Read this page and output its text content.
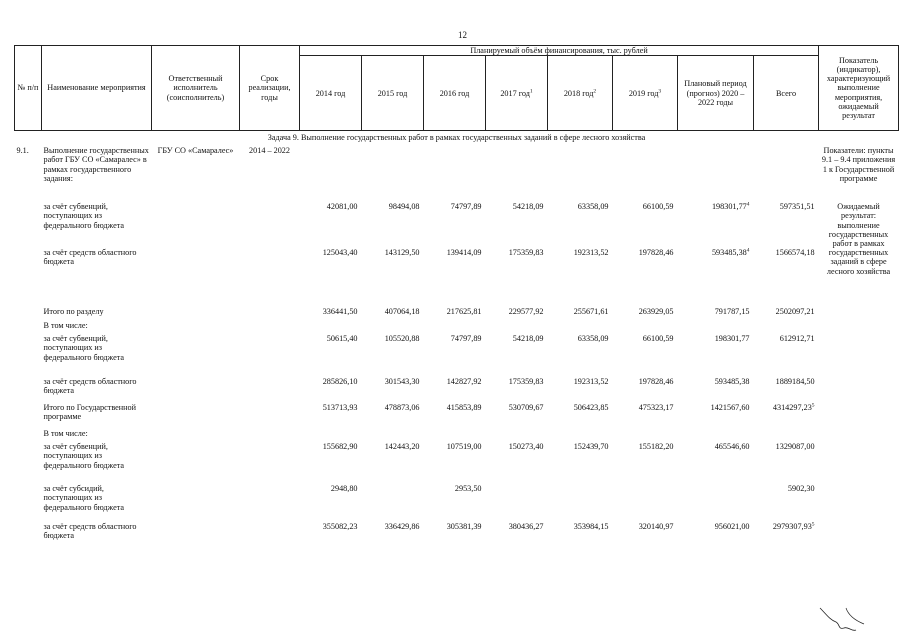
12
№ п/п	Наименование мероприятия	Ответственный исполнитель (соисполнитель)	Срок реализации, годы	Планируемый объём финансирования, тыс. рублей								Показатель (индикатор), характеризующий выполнение мероприятия, ожидаемый результат
				2014 год	2015 год	2016 год	2017 год$^1$	2018 год$^2$	2019 год$^3$	Плановый период (прогноз) 2020 – 2022 годы	Всего	
Задача 9. Выполнение государственных работ в рамках государственных заданий в сфере лесного хозяйства												
9.1.	Выполнение государственных работ ГБУ СО «Самаралес» в рамках государственного задания:	ГБУ СО «Самаралес»	2014 – 2022									Показатели: пункты 9.1 – 9.4 приложения 1 к Государственной программе
	за счёт субвенций, поступающих из федерального бюджета			42081,00	98494,08	74797,89	54218,09	63358,09	66100,59	198301,77$^4$	597351,51	Ожидаемый результат: выполнение государственных работ в рамках государственных заданий в сфере лесного хозяйства
	за счёт средств областного бюджета			125043,40	143129,50	139414,09	175359,83	192313,52	197828,46	593485,38$^4$	1566574,18	
	Итого по разделу			336441,50	407064,18	217625,81	229577,92	255671,61	263929,05	791787,15	2502097,21	
	В том числе:											
	за счёт субвенций, поступающих из федерального бюджета			50615,40	105520,88	74797,89	54218,09	63358,09	66100,59	198301,77	612912,71	
	за счёт средств областного бюджета			285826,10	301543,30	142827,92	175359,83	192313,52	197828,46	593485,38	1889184,50	
	Итого по Государственной программе			513713,93	478873,06	415853,89	530709,67	506423,85	475323,17	1421567,60	4314297,23$^5$	
	В том числе:											
	за счёт субвенций, поступающих из федерального бюджета			155682,90	142443,20	107519,00	150273,40	152439,70	155182,20	465546,60	1329087,00	
	за счёт субсидий, поступающих из федерального бюджета			2948,80		2953,50					5902,30	
	за счёт средств областного бюджета			355082,23	336429,86	305381,39	380436,27	353984,15	320140,97	956021,00	2979307,93$^5$	
